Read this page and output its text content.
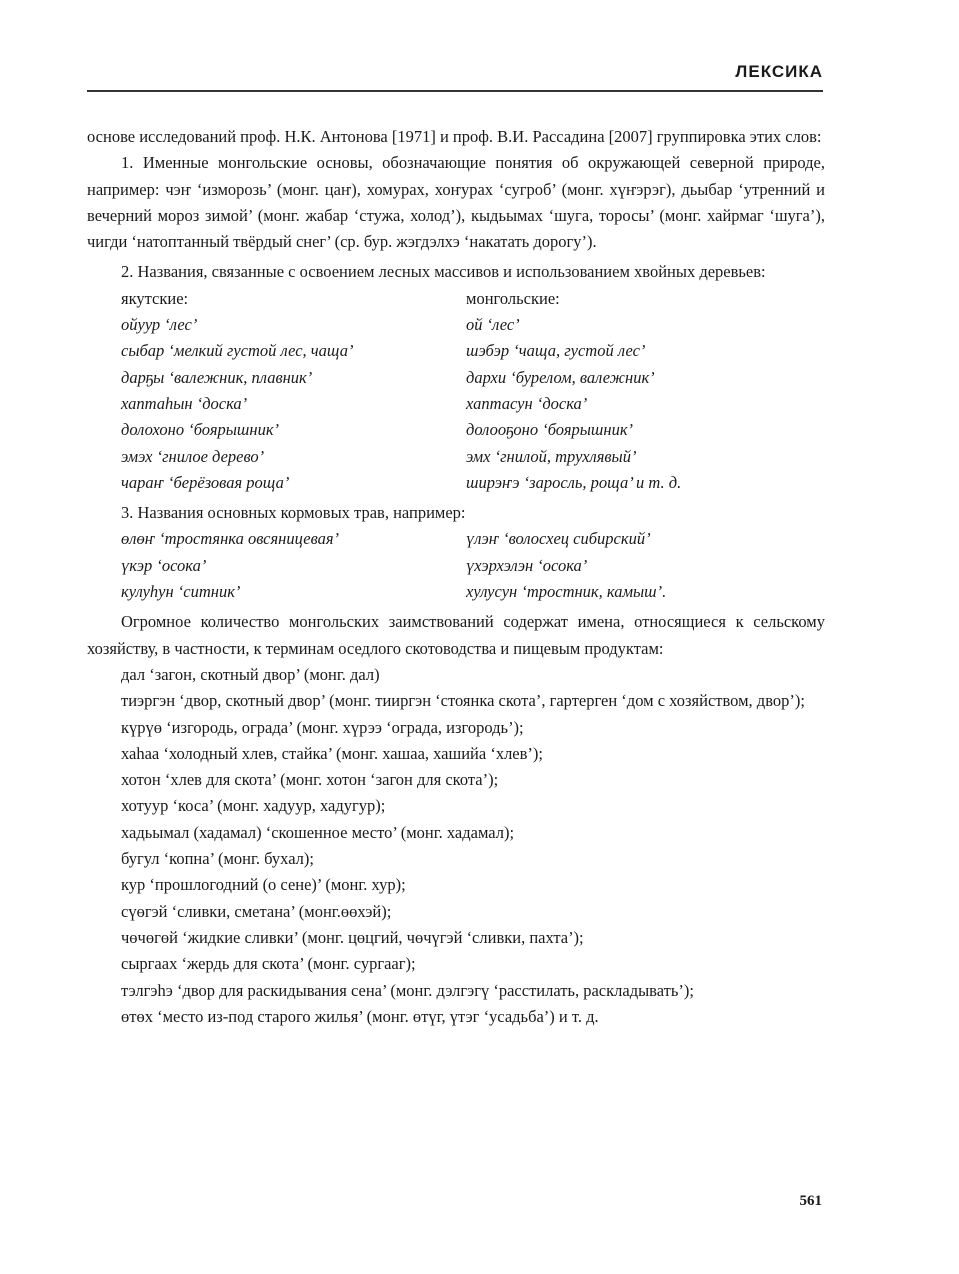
ЛЕКСИКА

основе исследований проф. Н.К. Антонова [1971] и проф. В.И. Рассадина [2007] группировка этих слов:

1. Именные монгольские основы, обозначающие понятия об окружающей северной природе, например: чэҥ ‘изморозь’ (монг. цаҥ), хомурах, хоҥурах ‘сугроб’ (монг. хүҥэрэг), дьыбар ‘утренний и вечерний мороз зимой’ (монг. жабар ‘стужа, холод’), кыдьымах ‘шуга, торосы’ (монг. хайрмаг ‘шуга’), чигди ‘натоптанный твёрдый снег’ (ср. бур. жэгдэлхэ ‘накатать дорогу’).

2. Названия, связанные с освоением лесных массивов и использованием хвойных деревьев:

якутские:	монгольские:
ойуур ‘лес’	ой ‘лес’
сыбар ‘мелкий густой лес, чаща’	шэбэр ‘чаща, густой лес’
дарҕы ‘валежник, плавник’	дархи ‘бурелом, валежник’
хаптаһын ‘доска’	хаптасун ‘доска’
долохоно ‘боярышник’	долооҕоно ‘боярышник’
эмэх ‘гнилое дерево’	эмх ‘гнилой, трухлявый’
чараҥ ‘берёзовая роща’	ширэҥэ ‘заросль, роща’ и т. д.

3. Названия основных кормовых трав, например:

өлөҥ ‘тростянка овсяницевая’	үлэҥ ‘волосхец сибирский’
үкэр ‘осока’	үхэрхэлэн ‘осока’
кулуһун ‘ситник’	хулусун ‘тростник, камыш’.

Огромное количество монгольских заимствований содержат имена, относящиеся к сельскому хозяйству, в частности, к терминам оседлого скотоводства и пищевым продуктам:

дал ‘загон, скотный двор’ (монг. дал)

тиэргэн ‘двор, скотный двор’ (монг. тииргэн ‘стоянка скота’, гартерген ‘дом с хозяйством, двор’);

күрүө ‘изгородь, ограда’ (монг. хүрээ ‘ограда, изгородь’);

хаһаа ‘холодный хлев, стайка’ (монг. хашаа, хашийа ‘хлев’);

хотон ‘хлев для скота’ (монг. хотон ‘загон для скота’);

хотуур ‘коса’ (монг. хадуур, хадугур);

хадьымал (хадамал) ‘скошенное место’ (монг. хадамал);

бугул ‘копна’ (монг. бухал);

кур ‘прошлогодний (о сене)’ (монг. хур);

сүөгэй ‘сливки, сметана’ (монг.өөхэй);

чөчөгөй ‘жидкие сливки’ (монг. цөцгий, чөчүгэй ‘сливки, пахта’);

сыргаах ‘жердь для скота’ (монг. сургааг);

тэлгэһэ ‘двор для раскидывания сена’ (монг. дэлгэгү ‘расстилать, раскладывать’);

өтөх ‘место из-под старого жилья’ (монг. өтүг, үтэг ‘усадьба’) и т. д.

561
